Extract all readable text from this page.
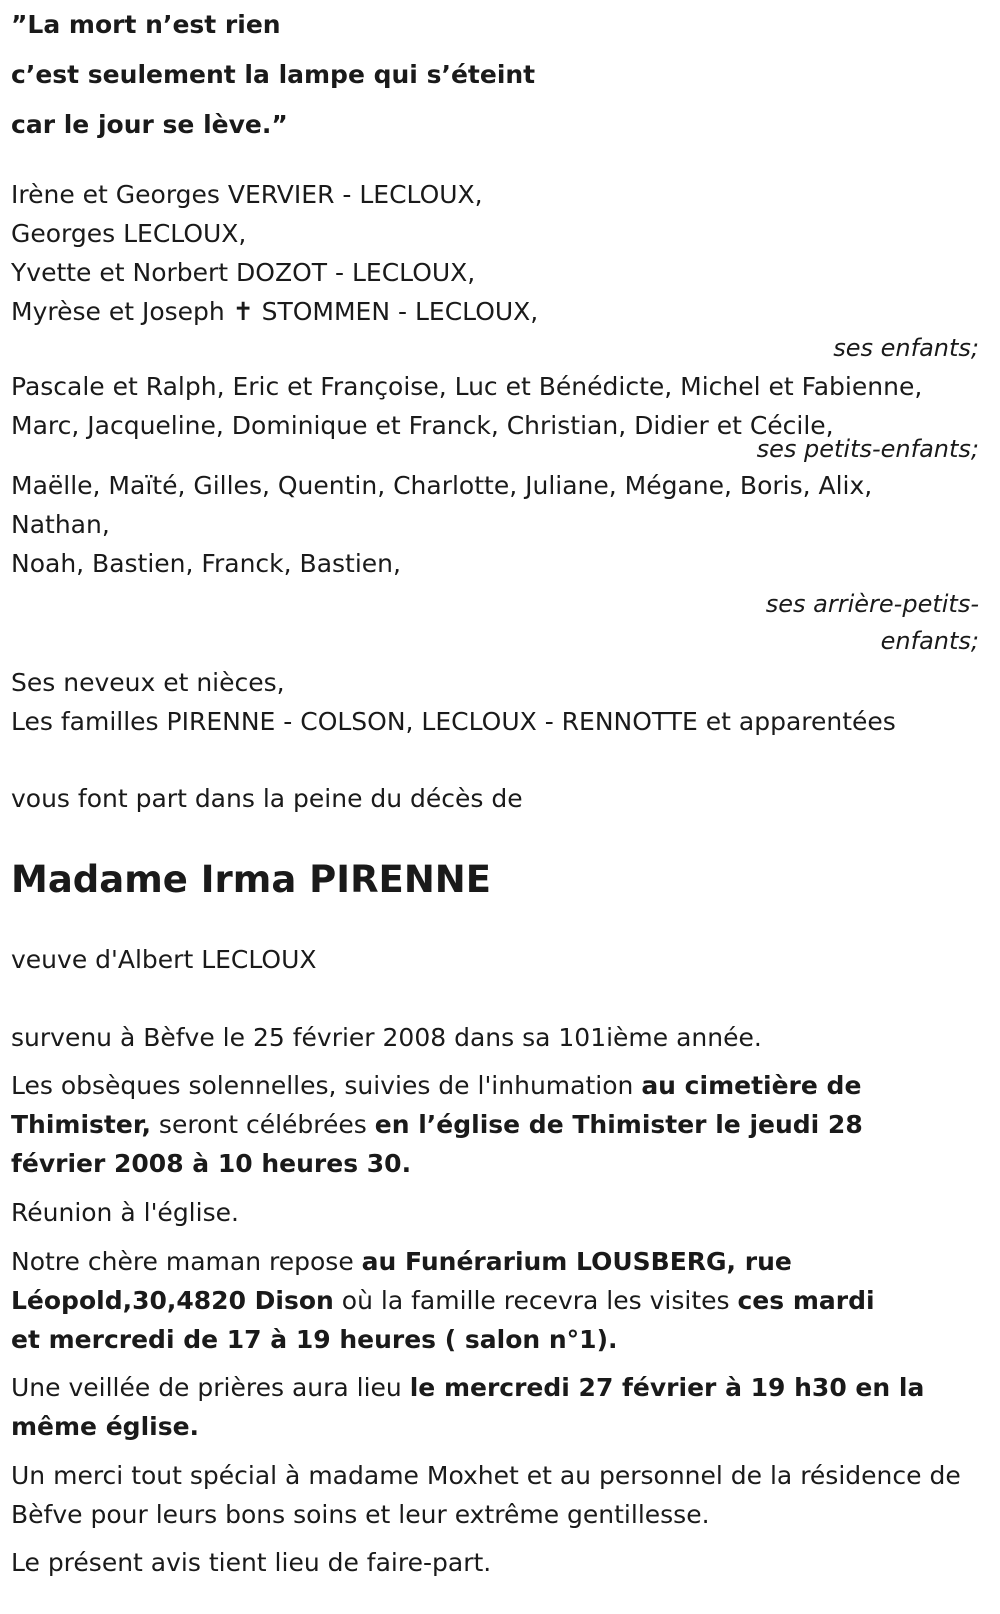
”La mort n’est rien
c’est seulement la lampe qui s’éteint
car le jour se lève.”
Irène et Georges VERVIER - LECLOUX,
Georges LECLOUX,
Yvette et Norbert DOZOT - LECLOUX,
Myrèse et Joseph ✝ STOMMEN - LECLOUX,
ses enfants;
Pascale et Ralph, Eric et Françoise, Luc et Bénédicte, Michel et Fabienne,
Marc, Jacqueline, Dominique et Franck, Christian, Didier et Cécile,
ses petits-enfants;
Maëlle, Maïté, Gilles, Quentin, Charlotte, Juliane, Mégane, Boris, Alix,
Nathan,
Noah, Bastien, Franck, Bastien,
ses arrière-petits-
enfants;
Ses neveux et nièces,
Les familles PIRENNE - COLSON, LECLOUX - RENNOTTE et apparentées
vous font part dans la peine du décès de
Madame Irma PIRENNE
veuve d'Albert LECLOUX
survenu à Bèfve le 25 février 2008 dans sa 101ième année.
Les obsèques solennelles, suivies de l'inhumation au cimetière de Thimister, seront célébrées en l’église de Thimister le jeudi 28 février 2008 à 10 heures 30.
Réunion à l'église.
Notre chère maman repose au Funérarium LOUSBERG, rue Léopold,30,4820 Dison où la famille recevra les visites ces mardi et mercredi de 17 à 19 heures ( salon n°1).
Une veillée de prières aura lieu le mercredi 27 février à 19 h30 en la même église.
Un merci tout spécial à madame Moxhet et au personnel de la résidence de Bèfve pour leurs bons soins et leur extrême gentillesse.
Le présent avis tient lieu de faire-part.
